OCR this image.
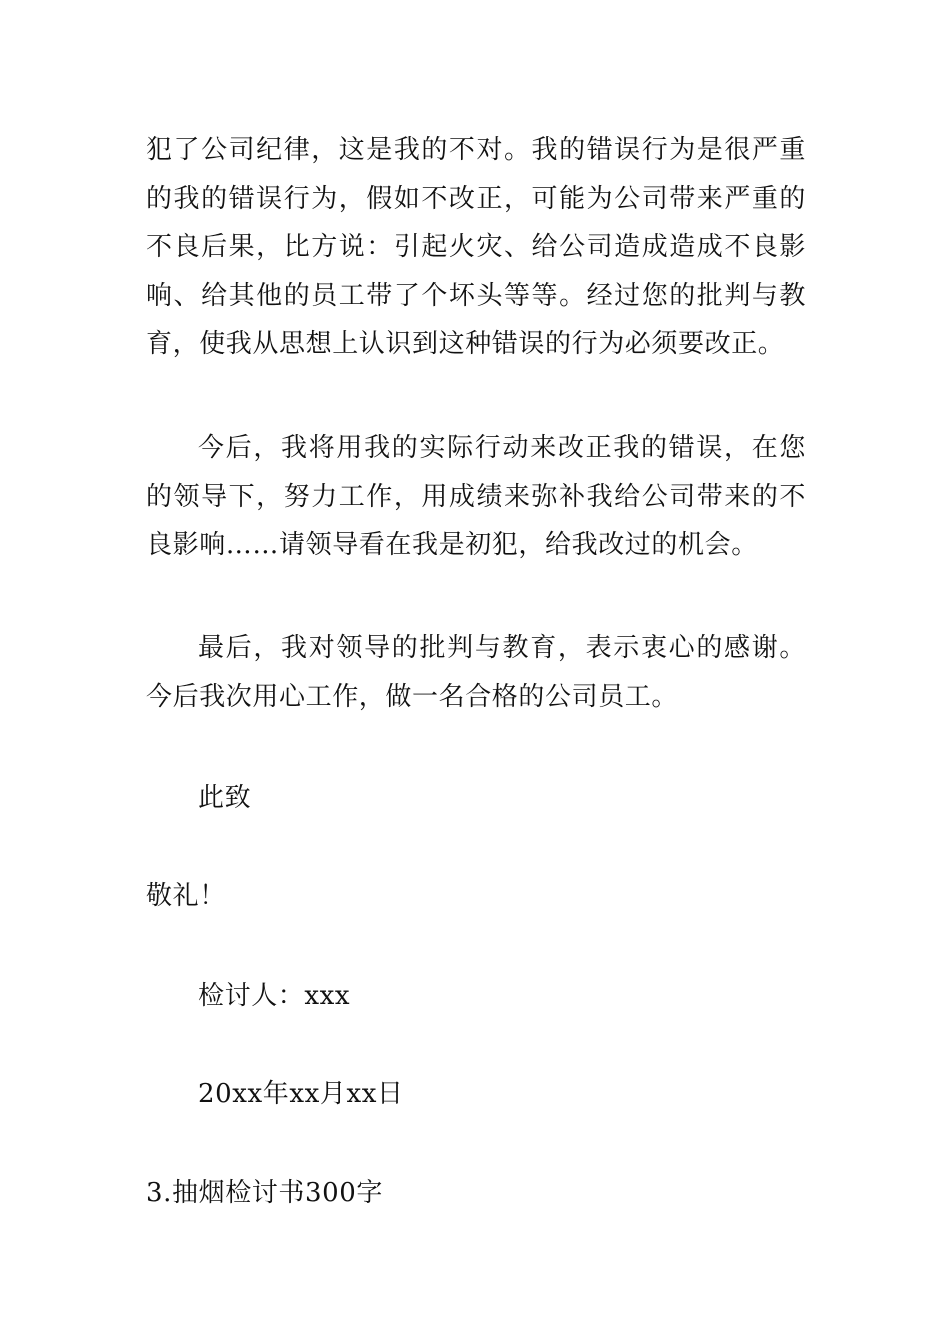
犯了公司纪律，这是我的不对。我的错误行为是很严重的我的错误行为，假如不改正，可能为公司带来严重的不良后果，比方说：引起火灾、给公司造成造成不良影响、给其他的员工带了个坏头等等。经过您的批判与教育，使我从思想上认识到这种错误的行为必须要改正。

今后，我将用我的实际行动来改正我的错误，在您的领导下，努力工作，用成绩来弥补我给公司带来的不良影响……请领导看在我是初犯，给我改过的机会。

最后，我对领导的批判与教育，表示衷心的感谢。今后我次用心工作，做一名合格的公司员工。

此致

敬礼！

检讨人：xxx

20xx年xx月xx日

3.抽烟检讨书300字
